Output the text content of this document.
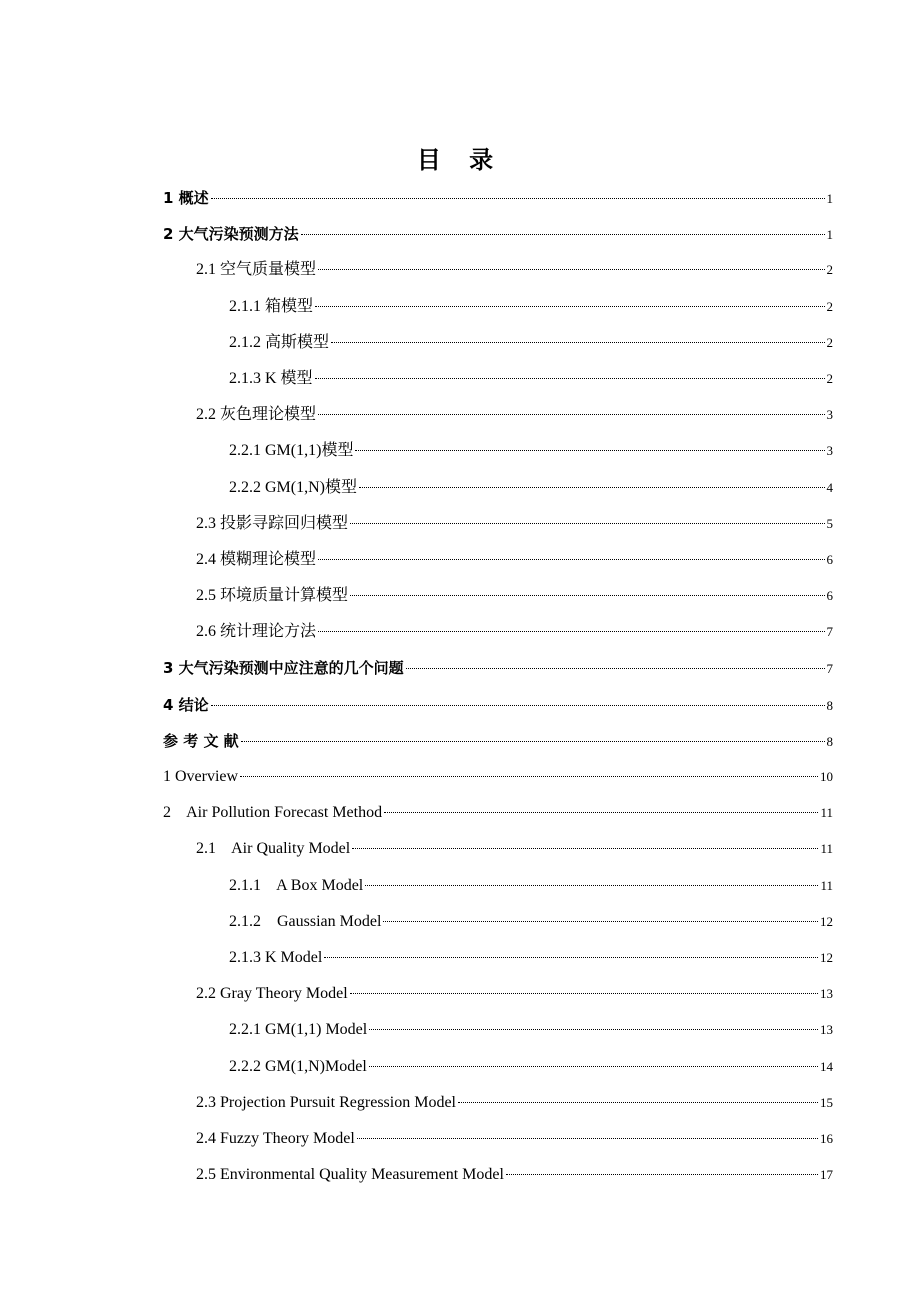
目 录
1 概述	1
2 大气污染预测方法	1
2.1 空气质量模型	2
2.1.1 箱模型	2
2.1.2 高斯模型	2
2.1.3 K 模型	2
2.2 灰色理论模型	3
2.2.1 GM(1,1)模型	3
2.2.2 GM(1,N)模型	4
2.3 投影寻踪回归模型	5
2.4 模糊理论模型	6
2.5 环境质量计算模型	6
2.6 统计理论方法	7
3 大气污染预测中应注意的几个问题	7
4 结论	8
参 考 文 献	8
1 Overview	10
2    Air Pollution Forecast Method	11
2.1    Air Quality Model	11
2.1.1    A Box Model	11
2.1.2    Gaussian Model	12
2.1.3 K Model	12
2.2 Gray Theory Model	13
2.2.1 GM(1,1) Model	13
2.2.2 GM(1,N)Model	14
2.3 Projection Pursuit Regression Model	15
2.4 Fuzzy Theory Model	16
2.5 Environmental Quality Measurement Model	17
